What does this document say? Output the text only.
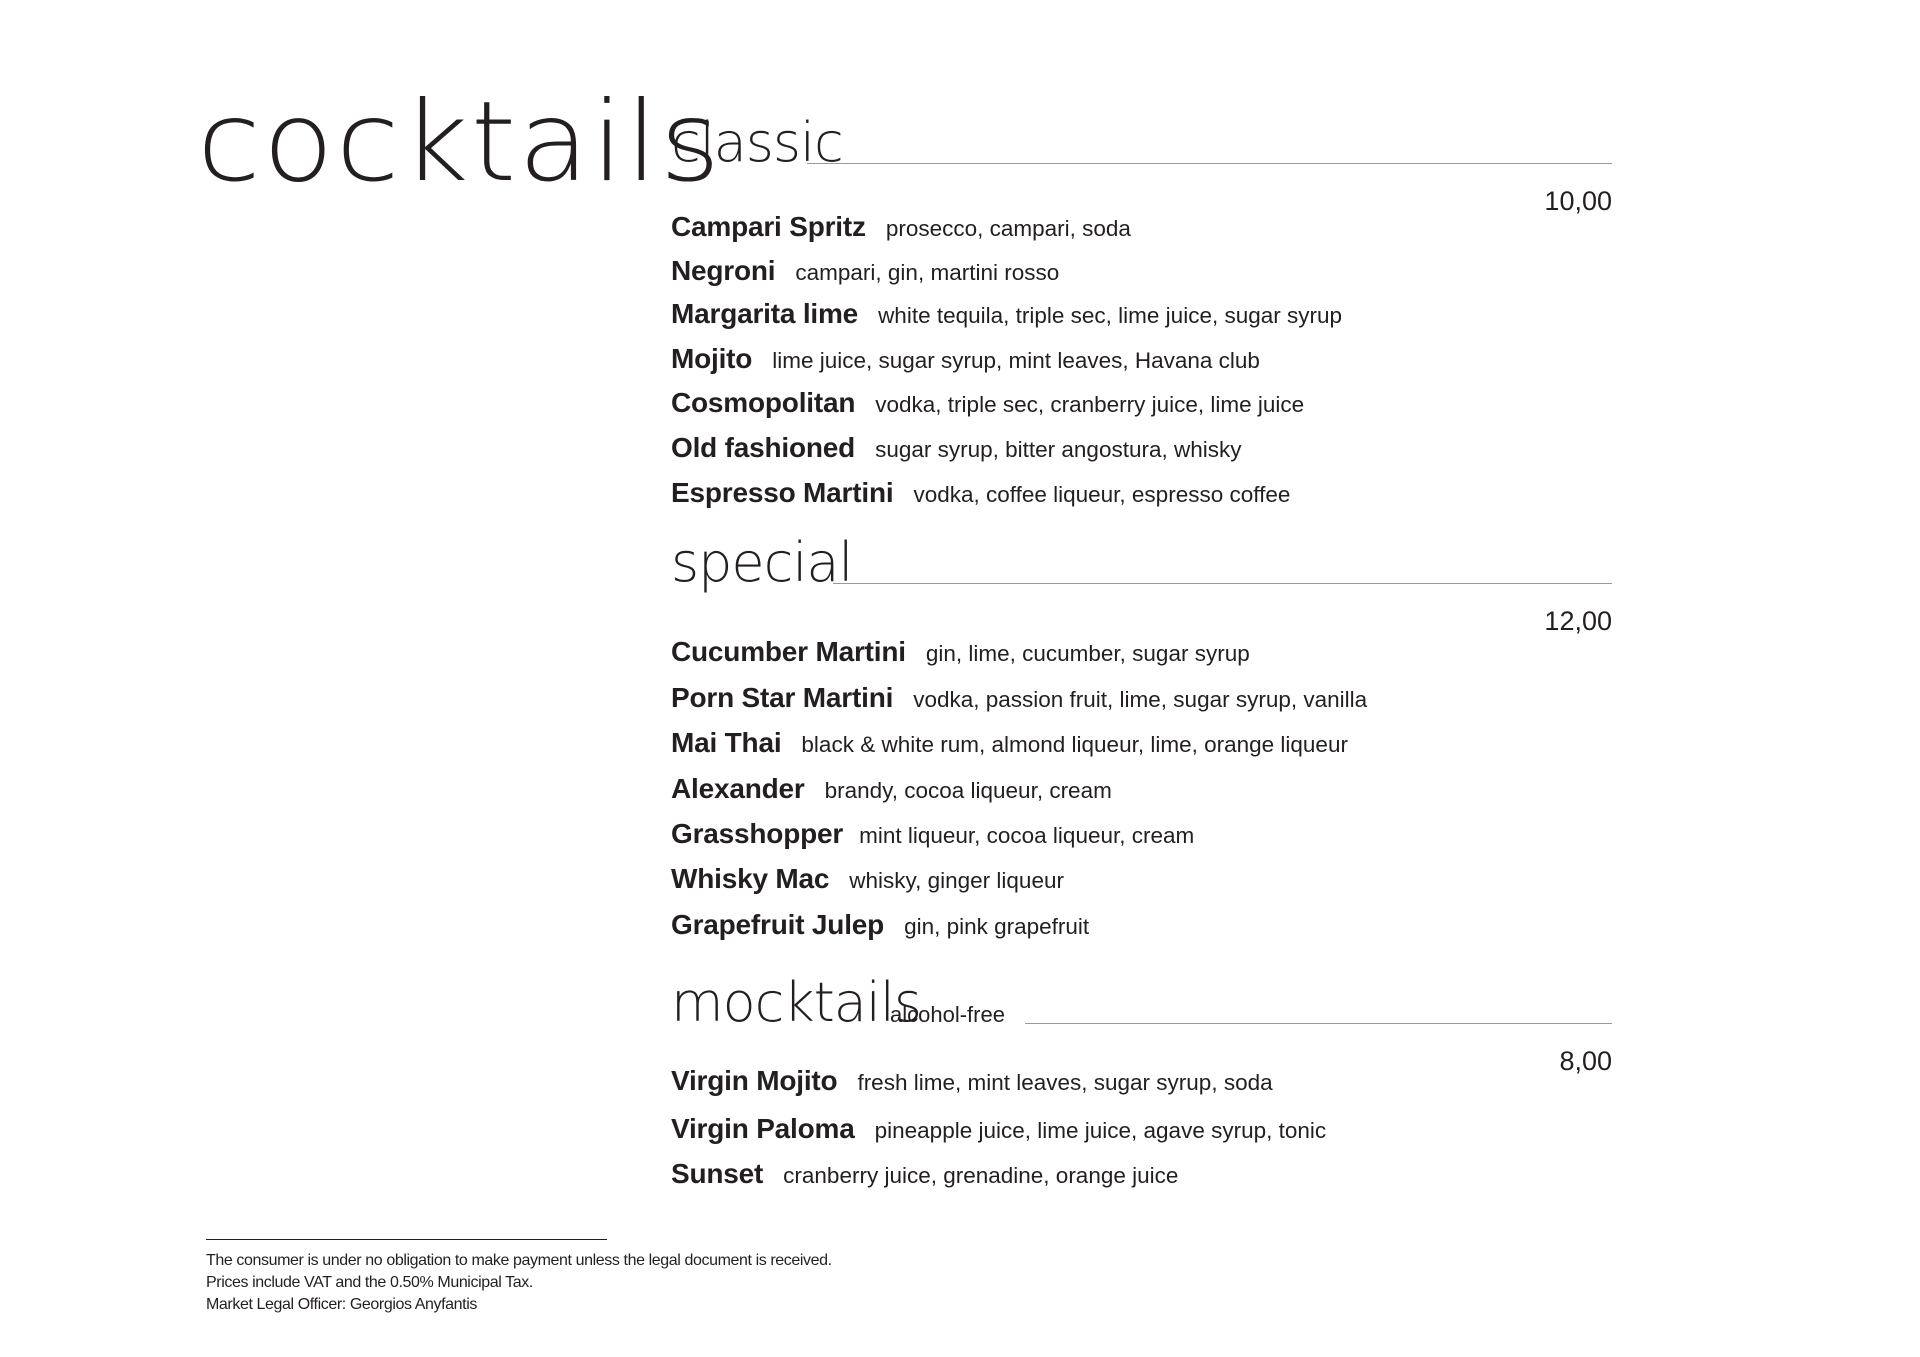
cocktails
classic
10,00
Campari Spritz prosecco, campari, soda
Negroni campari, gin, martini rosso
Margarita lime white tequila, triple sec, lime juice, sugar syrup
Mojito lime juice, sugar syrup, mint leaves, Havana club
Cosmopolitan vodka, triple sec, cranberry juice, lime juice
Old fashioned sugar syrup, bitter angostura, whisky
Espresso Martini vodka, coffee liqueur, espresso coffee
special
12,00
Cucumber Martini gin, lime, cucumber, sugar syrup
Porn Star Martini vodka, passion fruit, lime, sugar syrup, vanilla
Mai Thai black & white rum, almond liqueur, lime, orange liqueur
Alexander brandy, cocoa liqueur, cream
Grasshopper mint liqueur, cocoa liqueur, cream
Whisky Mac whisky, ginger liqueur
Grapefruit Julep gin, pink grapefruit
mocktails
alcohol-free
8,00
Virgin Mojito fresh lime, mint leaves, sugar syrup, soda
Virgin Paloma pineapple juice, lime juice, agave syrup, tonic
Sunset cranberry juice, grenadine, orange juice
The consumer is under no obligation to make payment unless the legal document is received.
Prices include VAT and the 0.50% Municipal Tax.
Market Legal Officer: Georgios Anyfantis
